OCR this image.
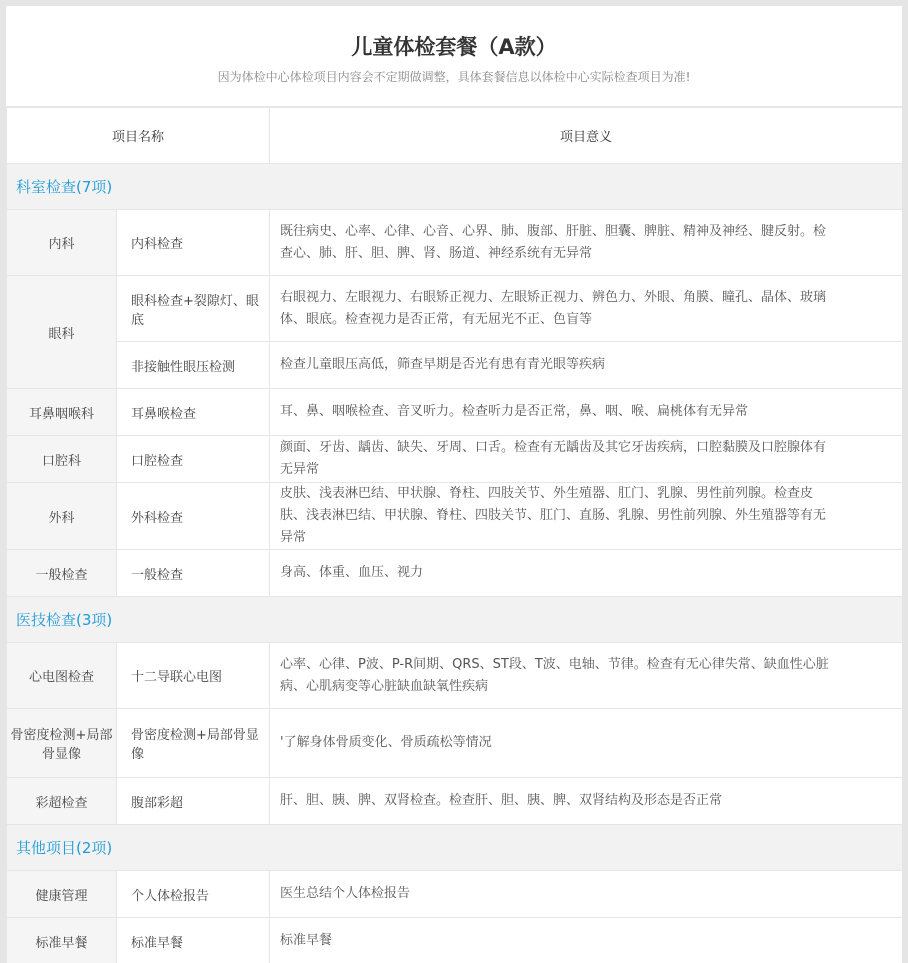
儿童体检套餐（A款）
因为体检中心体检项目内容会不定期做调整，具体套餐信息以体检中心实际检查项目为准!
项目名称		项目意义
科室检查(7项)		
内科	内科检查	既往病史、心率、心律、心音、心界、肺、腹部、肝脏、胆囊、脾脏、精神及神经、腱反射。检查心、肺、肝、胆、脾、肾、肠道、神经系统有无异常
眼科	眼科检查+裂隙灯、眼底	右眼视力、左眼视力、右眼矫正视力、左眼矫正视力、辨色力、外眼、角膜、瞳孔、晶体、玻璃体、眼底。检查视力是否正常，有无屈光不正、色盲等
	非接触性眼压检测	检查儿童眼压高低，筛查早期是否光有患有青光眼等疾病
耳鼻咽喉科	耳鼻喉检查	耳、鼻、咽喉检查、音叉听力。检查听力是否正常，鼻、咽、喉、扁桃体有无异常
口腔科	口腔检查	颜面、牙齿、龋齿、缺失、牙周、口舌。检查有无龋齿及其它牙齿疾病，口腔黏膜及口腔腺体有无异常
外科	外科检查	皮肤、浅表淋巴结、甲状腺、脊柱、四肢关节、外生殖器、肛门、乳腺、男性前列腺。检查皮肤、浅表淋巴结、甲状腺、脊柱、四肢关节、肛门、直肠、乳腺、男性前列腺、外生殖器等有无异常
一般检查	一般检查	身高、体重、血压、视力
医技检查(3项)		
心电图检查	十二导联心电图	心率、心律、P波、P-R间期、QRS、ST段、T波、电轴、节律。检查有无心律失常、缺血性心脏病、心肌病变等心脏缺血缺氧性疾病
骨密度检测+局部骨显像	骨密度检测+局部骨显像	'了解身体骨质变化、骨质疏松等情况
彩超检查	腹部彩超	肝、胆、胰、脾、双肾检查。检查肝、胆、胰、脾、双肾结构及形态是否正常
其他项目(2项)		
健康管理	个人体检报告	医生总结个人体检报告
标准早餐	标准早餐	标准早餐
